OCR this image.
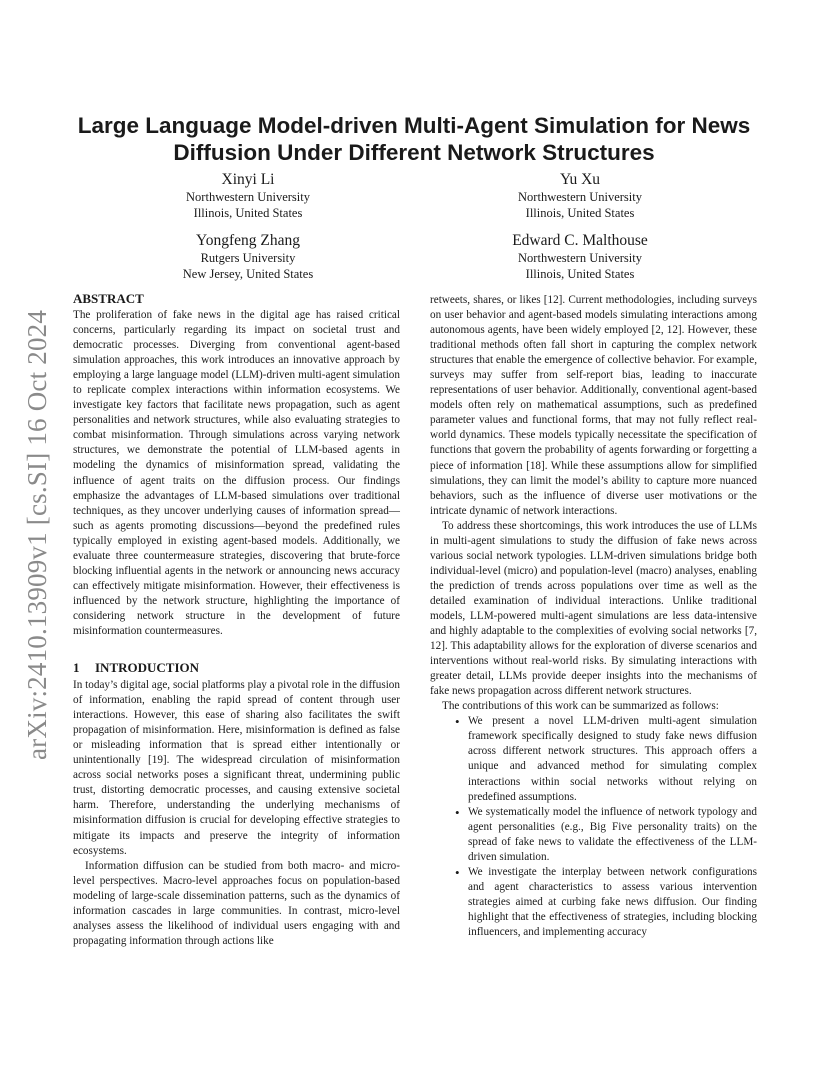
arXiv:2410.13909v1 [cs.SI] 16 Oct 2024
Large Language Model-driven Multi-Agent Simulation for News Diffusion Under Different Network Structures
Xinyi Li
Northwestern University
Illinois, United States
Yu Xu
Northwestern University
Illinois, United States
Yongfeng Zhang
Rutgers University
New Jersey, United States
Edward C. Malthouse
Northwestern University
Illinois, United States
ABSTRACT

The proliferation of fake news in the digital age has raised critical concerns, particularly regarding its impact on societal trust and democratic processes. Diverging from conventional agent-based simulation approaches, this work introduces an innovative approach by employing a large language model (LLM)-driven multi-agent simulation to replicate complex interactions within information ecosystems. We investigate key factors that facilitate news propagation, such as agent personalities and network structures, while also evaluating strategies to combat misinformation. Through simulations across varying network structures, we demonstrate the potential of LLM-based agents in modeling the dynamics of misinformation spread, validating the influence of agent traits on the diffusion process. Our findings emphasize the advantages of LLM-based simulations over traditional techniques, as they uncover underlying causes of information spread—such as agents promoting discussions—beyond the predefined rules typically employed in existing agent-based models. Additionally, we evaluate three countermeasure strategies, discovering that brute-force blocking influential agents in the network or announcing news accuracy can effectively mitigate misinformation. However, their effectiveness is influenced by the network structure, highlighting the importance of considering network structure in the development of future misinformation countermeasures.

1 INTRODUCTION

In today’s digital age, social platforms play a pivotal role in the diffusion of information, enabling the rapid spread of content through user interactions. However, this ease of sharing also facilitates the swift propagation of misinformation. Here, misinformation is defined as false or misleading information that is spread either intentionally or unintentionally [19]. The widespread circulation of misinformation across social networks poses a significant threat, undermining public trust, distorting democratic processes, and causing extensive societal harm. Therefore, understanding the underlying mechanisms of misinformation diffusion is crucial for developing effective strategies to mitigate its impacts and preserve the integrity of information ecosystems.

Information diffusion can be studied from both macro- and micro-level perspectives. Macro-level approaches focus on population-based modeling of large-scale dissemination patterns, such as the dynamics of information cascades in large communities. In contrast, micro-level analyses assess the likelihood of individual users engaging with and propagating information through actions like

retweets, shares, or likes [12]. Current methodologies, including surveys on user behavior and agent-based models simulating interactions among autonomous agents, have been widely employed [2, 12]. However, these traditional methods often fall short in capturing the complex network structures that enable the emergence of collective behavior. For example, surveys may suffer from self-report bias, leading to inaccurate representations of user behavior. Additionally, conventional agent-based models often rely on mathematical assumptions, such as predefined parameter values and functional forms, that may not fully reflect real-world dynamics. These models typically necessitate the specification of functions that govern the probability of agents forwarding or forgetting a piece of information [18]. While these assumptions allow for simplified simulations, they can limit the model’s ability to capture more nuanced behaviors, such as the influence of diverse user motivations or the intricate dynamic of network interactions.

To address these shortcomings, this work introduces the use of LLMs in multi-agent simulations to study the diffusion of fake news across various social network typologies. LLM-driven simulations bridge both individual-level (micro) and population-level (macro) analyses, enabling the prediction of trends across populations over time as well as the detailed examination of individual interactions. Unlike traditional models, LLM-powered multi-agent simulations are less data-intensive and highly adaptable to the complexities of evolving social networks [7, 12]. This adaptability allows for the exploration of diverse scenarios and interventions without real-world risks. By simulating interactions with greater detail, LLMs provide deeper insights into the mechanisms of fake news propagation across different network structures.

The contributions of this work can be summarized as follows:

• We present a novel LLM-driven multi-agent simulation framework specifically designed to study fake news diffusion across different network structures. This approach offers a unique and advanced method for simulating complex interactions within social networks without relying on predefined assumptions.
• We systematically model the influence of network typology and agent personalities (e.g., Big Five personality traits) on the spread of fake news to validate the effectiveness of the LLM-driven simulation.
• We investigate the interplay between network configurations and agent characteristics to assess various intervention strategies aimed at curbing fake news diffusion. Our finding highlight that the effectiveness of strategies, including blocking influencers, and implementing accuracy
